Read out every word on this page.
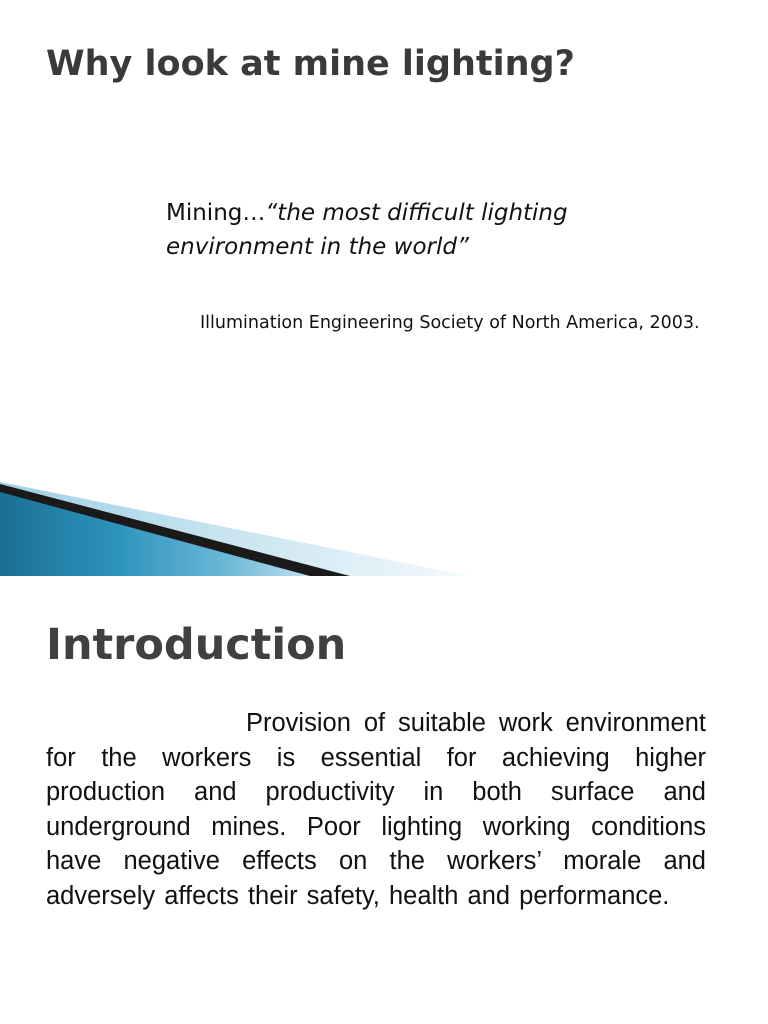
Why look at mine lighting?
Mining…“the most difficult lighting environment in the world”
Illumination Engineering Society of North America, 2003.
Introduction
Provision of suitable work environment for the workers is essential for achieving higher production and productivity in both surface and underground mines. Poor lighting working conditions have negative effects on the workers’ morale and adversely affects their safety, health and performance.
